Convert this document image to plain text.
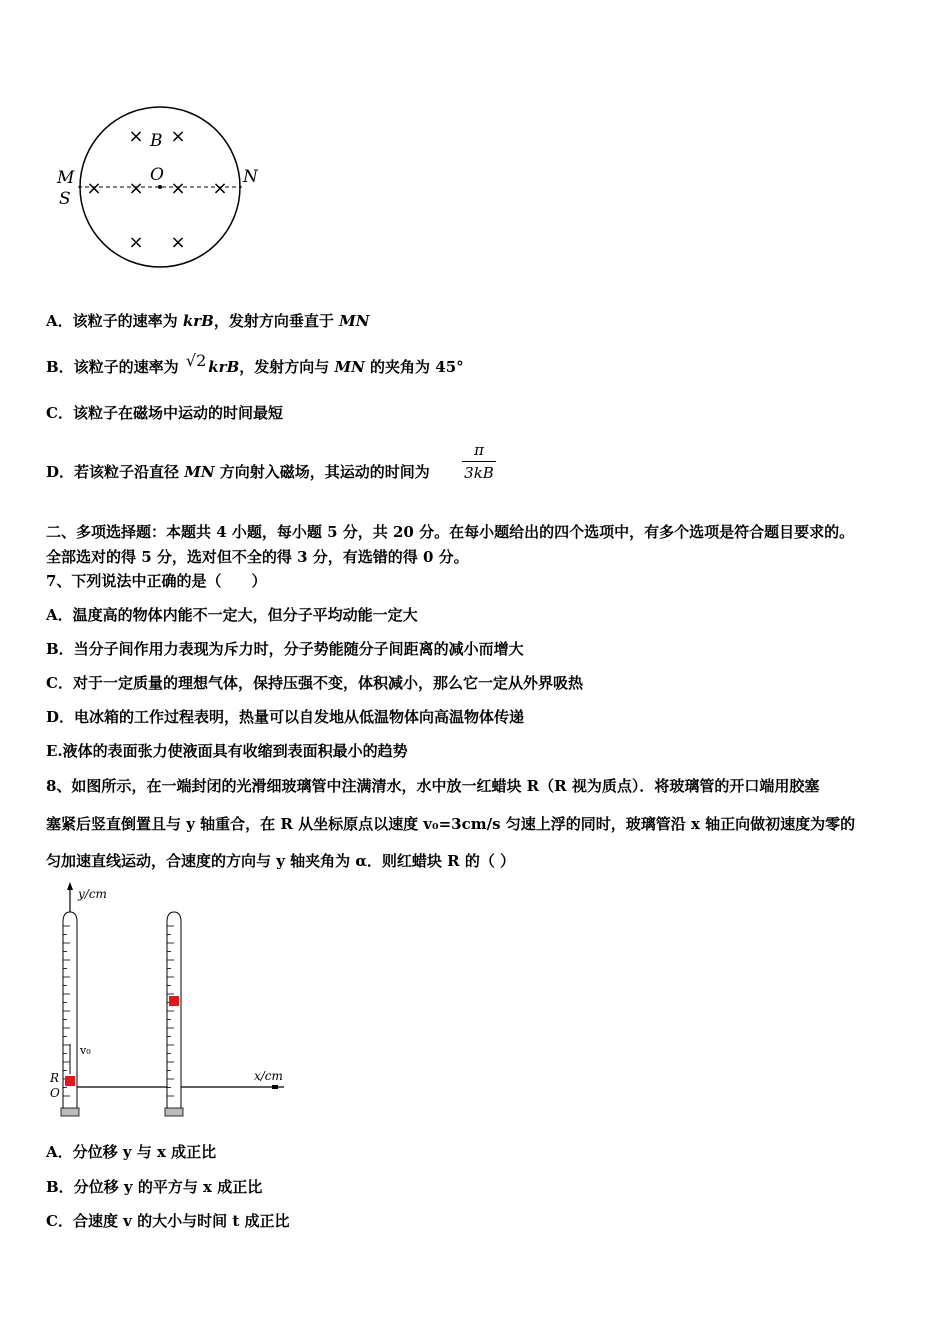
× ×
× × × ×
× ×
B
O
M
S
N
A．该粒子的速率为 krB，发射方向垂直于 MN
B．该粒子的速率为 √2 krB，发射方向与 MN 的夹角为 45°
C．该粒子在磁场中运动的时间最短
D．若该粒子沿直径 MN 方向射入磁场，其运动的时间为
π
3kB
二、多项选择题：本题共 4 小题，每小题 5 分，共 20 分。在每小题给出的四个选项中，有多个选项是符合题目要求的。
全部选对的得 5 分，选对但不全的得 3 分，有选错的得 0 分。
7、下列说法中正确的是（　　）
A．温度高的物体内能不一定大，但分子平均动能一定大
B．当分子间作用力表现为斥力时，分子势能随分子间距离的减小而增大
C．对于一定质量的理想气体，保持压强不变，体积减小，那么它一定从外界吸热
D．电冰箱的工作过程表明，热量可以自发地从低温物体向高温物体传递
E.液体的表面张力使液面具有收缩到表面积最小的趋势
8、如图所示，在一端封闭的光滑细玻璃管中注满清水，水中放一红蜡块 R（R 视为质点）．将玻璃管的开口端用胶塞
塞紧后竖直倒置且与 y 轴重合，在 R 从坐标原点以速度 v₀=3cm/s 匀速上浮的同时，玻璃管沿 x 轴正向做初速度为零的
匀加速直线运动，合速度的方向与 y 轴夹角为 α．则红蜡块 R 的（ ）
y/cm
x/cm
v₀
R
O
A．分位移 y 与 x 成正比
B．分位移 y 的平方与 x 成正比
C．合速度 v 的大小与时间 t 成正比
